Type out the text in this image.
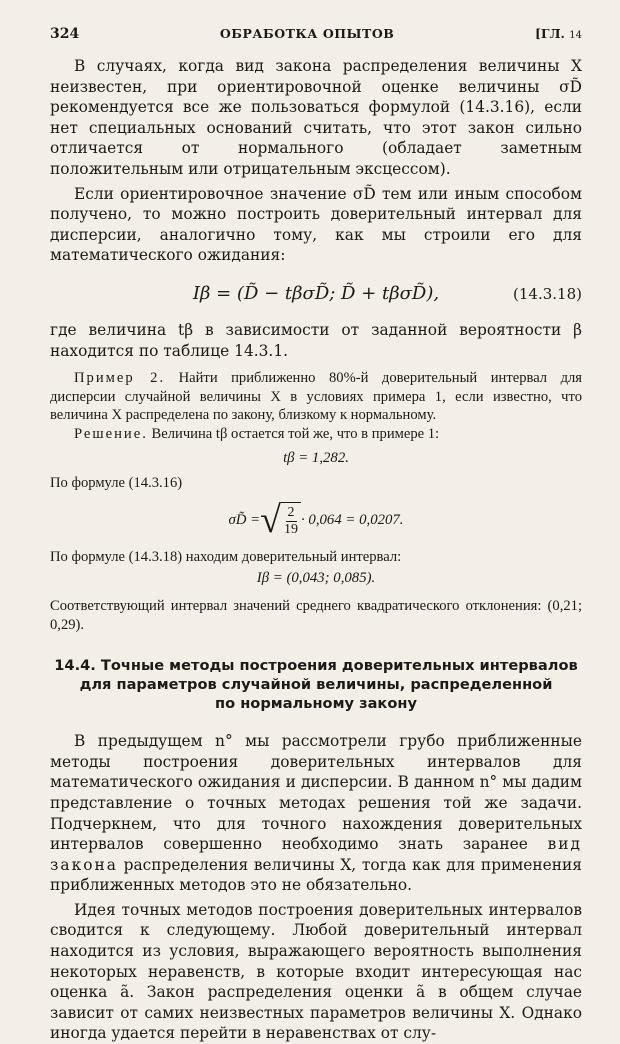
324	ОБРАБОТКА ОПЫТОВ	[ГЛ. 14

В случаях, когда вид закона распределения величины X неизвестен, при ориентировочной оценке величины σD̃ рекомендуется все же пользоваться формулой (14.3.16), если нет специальных оснований считать, что этот закон сильно отличается от нормального (обладает заметным положительным или отрицательным эксцессом).

Если ориентировочное значение σD̃ тем или иным способом получено, то можно построить доверительный интервал для дисперсии, аналогично тому, как мы строили его для математического ожидания:

Iβ = (D̃ − tβσD̃; D̃ + tβσD̃),	(14.3.18)

где величина tβ в зависимости от заданной вероятности β находится по таблице 14.3.1.

Пример 2. Найти приближенно 80%-й доверительный интервал для дисперсии случайной величины X в условиях примера 1, если известно, что величина X распределена по закону, близкому к нормальному.

Решение. Величина tβ остается той же, что в примере 1:

tβ = 1,282.

По формуле (14.3.16)

σD̃ = √ $\frac{2}{19} \cdot 0,064 = 0,0207$.

По формуле (14.3.18) находим доверительный интервал:

Iβ = (0,043; 0,085).

Соответствующий интервал значений среднего квадратического отклонения: (0,21; 0,29).

14.4. Точные методы построения доверительных интервалов
для параметров случайной величины, распределенной
по нормальному закону

В предыдущем n° мы рассмотрели грубо приближенные методы построения доверительных интервалов для математического ожидания и дисперсии. В данном n° мы дадим представление о точных методах решения той же задачи. Подчеркнем, что для точного нахождения доверительных интервалов совершенно необходимо знать заранее вид закона распределения величины X, тогда как для применения приближенных методов это не обязательно.

Идея точных методов построения доверительных интервалов сводится к следующему. Любой доверительный интервал находится из условия, выражающего вероятность выполнения некоторых неравенств, в которые входит интересующая нас оценка ã. Закон распределения оценки ã в общем случае зависит от самих неизвестных параметров величины X. Однако иногда удается перейти в неравенствах от слу-
